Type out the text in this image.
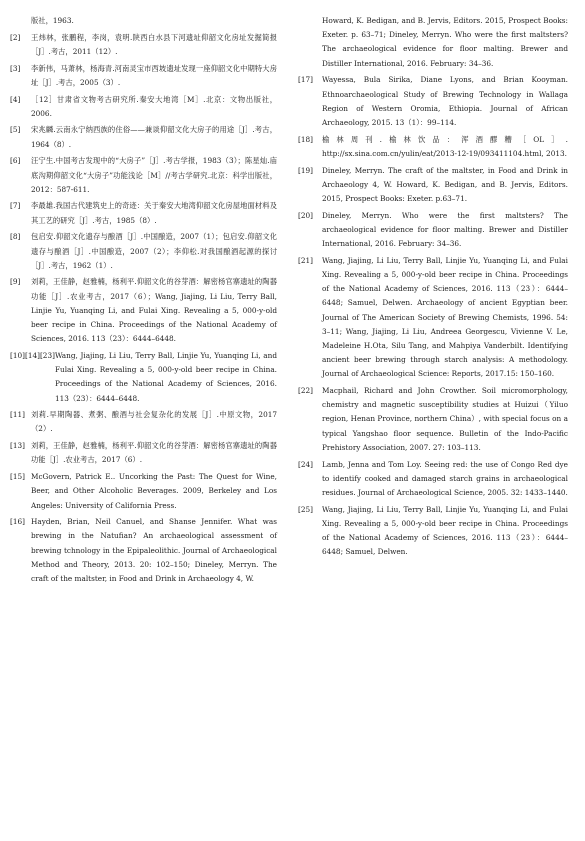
版社，1963.
[2]	王炜林，张鹏程，李岗，袁明.陕西白水县下河遗址仰韶文化房址发掘简报［J］.考古，2011（12）.
[3]	李新伟，马萧林，杨海青.河南灵宝市西坡遗址发现一座仰韶文化中期特大房址［J］.考古，2005（3）.
[4]	［12］甘肃省文物考古研究所.秦安大地湾［M］.北京：文物出版社，2006.
[5]	宋兆麟.云南永宁纳西族的住俗——兼谈仰韶文化大房子的用途［J］.考古，1964（8）.
[6]	汪宁生.中国考古发现中的“大房子”［J］.考古学报，1983（3）；陈星灿.庙底沟期仰韶文化“大房子”功能浅论［M］//考古学研究.北京：科学出版社，2012：587-611.
[7]	李最雄.我国古代建筑史上的奇迹：关于秦安大地湾仰韶文化房屋地面材料及其工艺的研究［J］.考古，1985（8）.
[8]	包启安.仰韶文化遗存与酿酒［J］.中国酿造，2007（1）；包启安.仰韶文化遗存与酿酒［J］.中国酿造，2007（2）；李仰松.对我国酿酒起源的探讨［J］.考古，1962（1）.
[9]	刘莉，王佳静，赵雅楠，杨利平.仰韶文化的谷芽酒：解密杨官寨遗址的陶器功能［J］.农业考古，2017（6）；Wang, Jiajing, Li Liu, Terry Ball, Linjie Yu, Yuanqing Li, and Fulai Xing. Revealing a 5, 000-y-old beer recipe in China. Proceedings of the National Academy of Sciences, 2016. 113（23）：6444–6448.
[10][14][23] Wang, Jiajing, Li Liu, Terry Ball, Linjie Yu, Yuanqing Li, and Fulai Xing. Revealing a 5, 000-y-old beer recipe in China. Proceedings of the National Academy of Sciences, 2016. 113（23）：6444–6448.
[11] 刘莉.早期陶器、煮粥、酿酒与社会复杂化的发展［J］.中原文物，2017（2）.
[13] 刘莉，王佳静，赵雅楠，杨利平.仰韶文化的谷芽酒：解密杨官寨遗址的陶器功能［J］.农业考古，2017（6）.
[15] McGovern, Patrick E.. Uncorking the Past: The Quest for Wine, Beer, and Other Alcoholic Beverages. 2009, Berkeley and Los Angeles: University of California Press.
[16] Hayden, Brian, Neil Canuel, and Shanse Jennifer. What was brewing in the Natufian? An archaeological assessment of brewing tchnology in the Epipaleolithic. Journal of Archaeological Method and Theory, 2013. 20: 102–150; Dineley, Merryn. The craft of the maltster, in Food and Drink in Archaeology 4, W.
Howard, K. Bedigan, and B. Jervis, Editors. 2015, Prospect Books: Exeter. p. 63–71; Dineley, Merryn. Who were the first maltsters? The archaeological evidence for floor malting. Brewer and Distiller International, 2016. February: 34–36.
[17]	Wayessa, Bula Sirika, Diane Lyons, and Brian Kooyman. Ethnoarchaeological Study of Brewing Technology in Wallaga Region of Western Oromia, Ethiopia. Journal of African Archaeology, 2015. 13（1）：99–114.
[18]	榆林周刊.榆林饮品：浑酒醪糟［OL］. http://sx.sina.com.cn/yulin/eat/2013-12-19/093411104.html, 2013.
[19]	Dineley, Merryn. The craft of the maltster, in Food and Drink in Archaeology 4, W. Howard, K. Bedigan, and B. Jervis, Editors. 2015, Prospect Books: Exeter. p.63–71.
[20]	Dineley, Merryn. Who were the first maltsters? The archaeological evidence for floor malting. Brewer and Distiller International, 2016. February: 34–36.
[21]	Wang, Jiajing, Li Liu, Terry Ball, Linjie Yu, Yuanqing Li, and Fulai Xing. Revealing a 5, 000-y-old beer recipe in China. Proceedings of the National Academy of Sciences, 2016. 113（23）：6444–6448; Samuel, Delwen. Archaeology of ancient Egyptian beer. Journal of The American Society of Brewing Chemists, 1996. 54: 3–11; Wang, Jiajing, Li Liu, Andreea Georgescu, Vivienne V. Le, Madeleine H.Ota, Silu Tang, and Mahpiya Vanderbilt. Identifying ancient beer brewing through starch analysis: A methodology. Journal of Archaeological Science: Reports, 2017.15: 150–160.
[22]	Macphail, Richard and John Crowther. Soil micromorphology, chemistry and magnetic susceptibility studies at Huizui（Yiluo region, Henan Province, northern China）, with special focus on a typical Yangshao floor sequence. Bulletin of the Indo-Pacific Prehistory Association, 2007. 27: 103–113.
[24]	Lamb, Jenna and Tom Loy. Seeing red: the use of Congo Red dye to identify cooked and damaged starch grains in archaeological residues. Journal of Archaeological Science, 2005. 32: 1433–1440.
[25]	Wang, Jiajing, Li Liu, Terry Ball, Linjie Yu, Yuanqing Li, and Fulai Xing. Revealing a 5, 000-y-old beer recipe in China. Proceedings of the National Academy of Sciences, 2016. 113（23）：6444–6448; Samuel, Delwen.
